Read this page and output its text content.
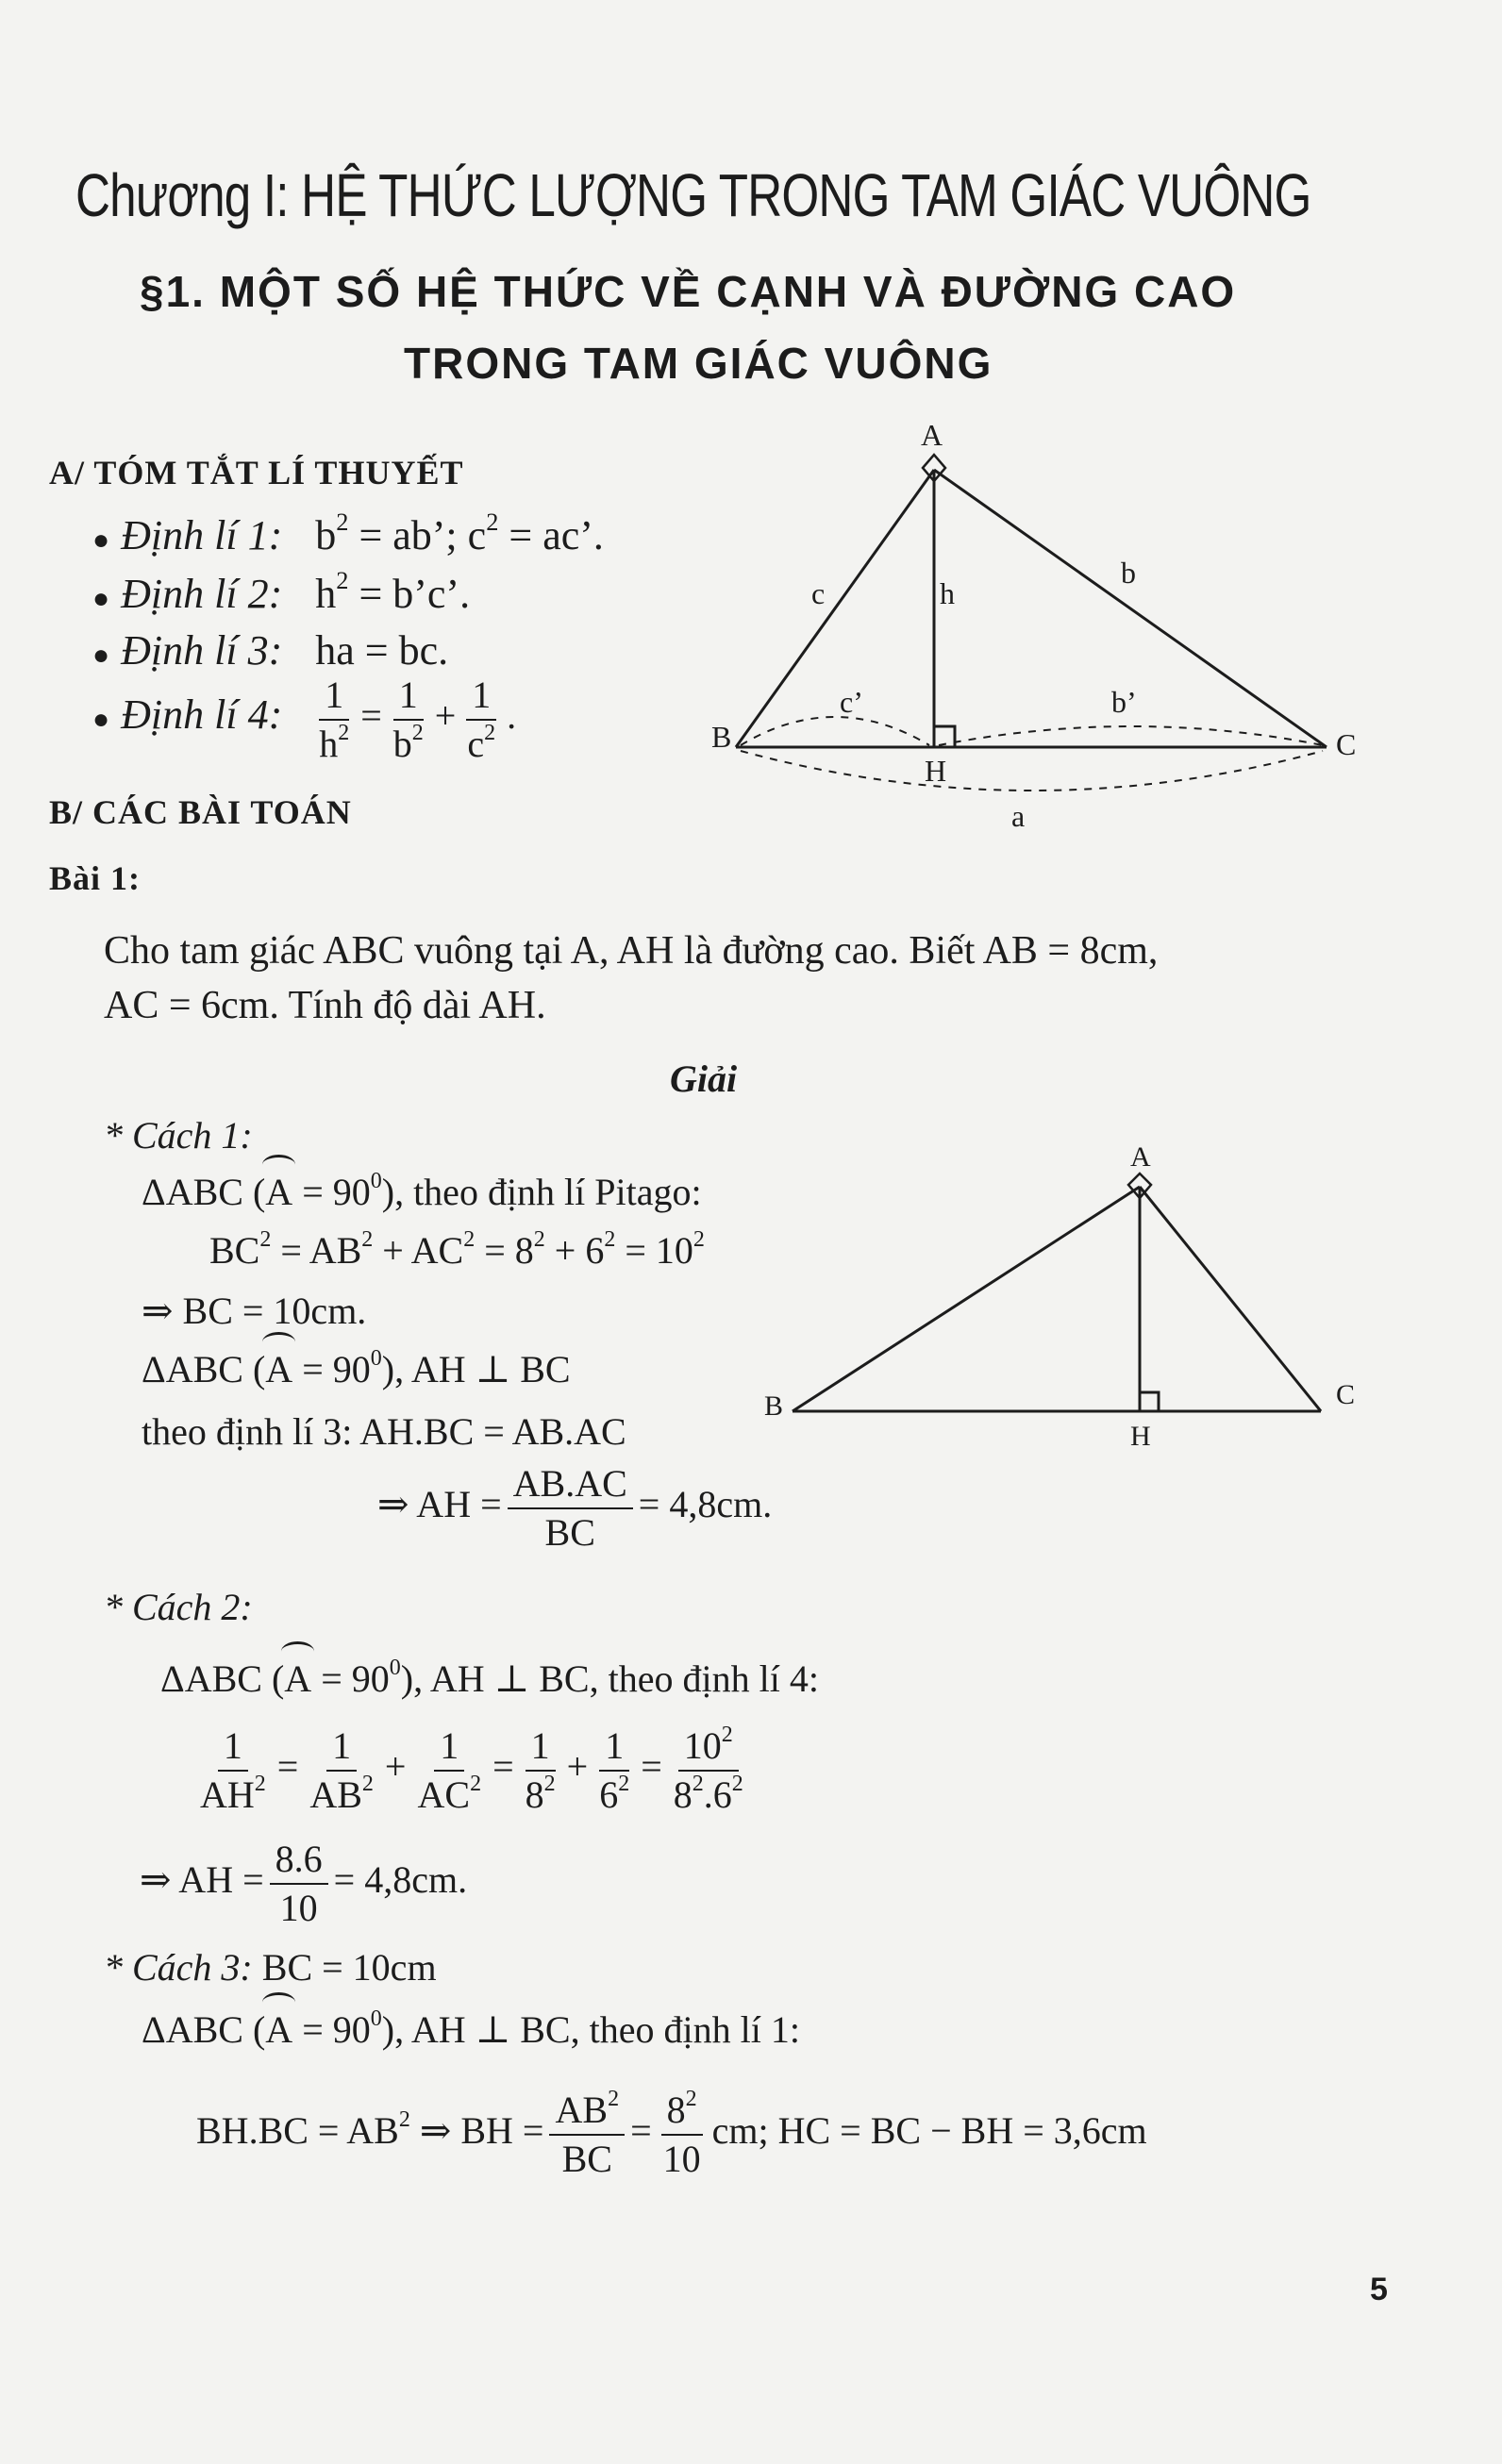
Chương I: HỆ THỨC LƯỢNG TRONG TAM GIÁC VUÔNG
§1. MỘT SỐ HỆ THỨC VỀ CẠNH VÀ ĐƯỜNG CAO
TRONG TAM GIÁC VUÔNG
A/ TÓM TẮT LÍ THUYẾT
● Định lí 1: $b^2$ = ab’; $c^2$ = ac’.
● Định lí 2: $h^2$ = b’c’.
● Định lí 3: ha = bc.
● Định lí 4: $\frac{1}{h^2} = \frac{1}{b^2} + \frac{1}{c^2}$ .
A
B	C
H
c	h
b
c’	b’
a
B/ CÁC BÀI TOÁN
Bài 1:
Cho tam giác ABC vuông tại A, AH là đường cao. Biết AB = 8cm,
AC = 6cm. Tính độ dài AH.
Giải
* Cách 1:
ΔABC $(A = 90^0)$, theo định lí Pitago:
$BC^2 = AB^2 + AC^2 = 8^2 + 6^2 = 10^2$
⇒ BC = 10cm.
ΔABC $(A = 90^0)$, AH ⊥ BC
theo định lí 3: AH.BC = AB.AC
⇒ AH = $\frac{AB.AC}{BC} = 4,8cm$.
A
B	C
H
* Cách 2:
ΔABC $(A = 90^0)$, AH ⊥ BC, theo định lí 4:
$\frac{1}{AH^2} = \frac{1}{AB^2} + \frac{1}{AC^2} = \frac{1}{8^2} + \frac{1}{6^2} = \frac{10^2}{8^2.6^2}$
⇒ AH = $\frac{8.6}{10} = 4,8cm$.
* Cách 3: BC = 10cm
ΔABC $(A = 90^0)$, AH ⊥ BC, theo định lí 1:
$BH.BC = AB^2$ ⇒ BH = $\frac{AB^2}{BC} = \frac{8^2}{10}$ cm; HC = BC − BH = 3,6cm
5
